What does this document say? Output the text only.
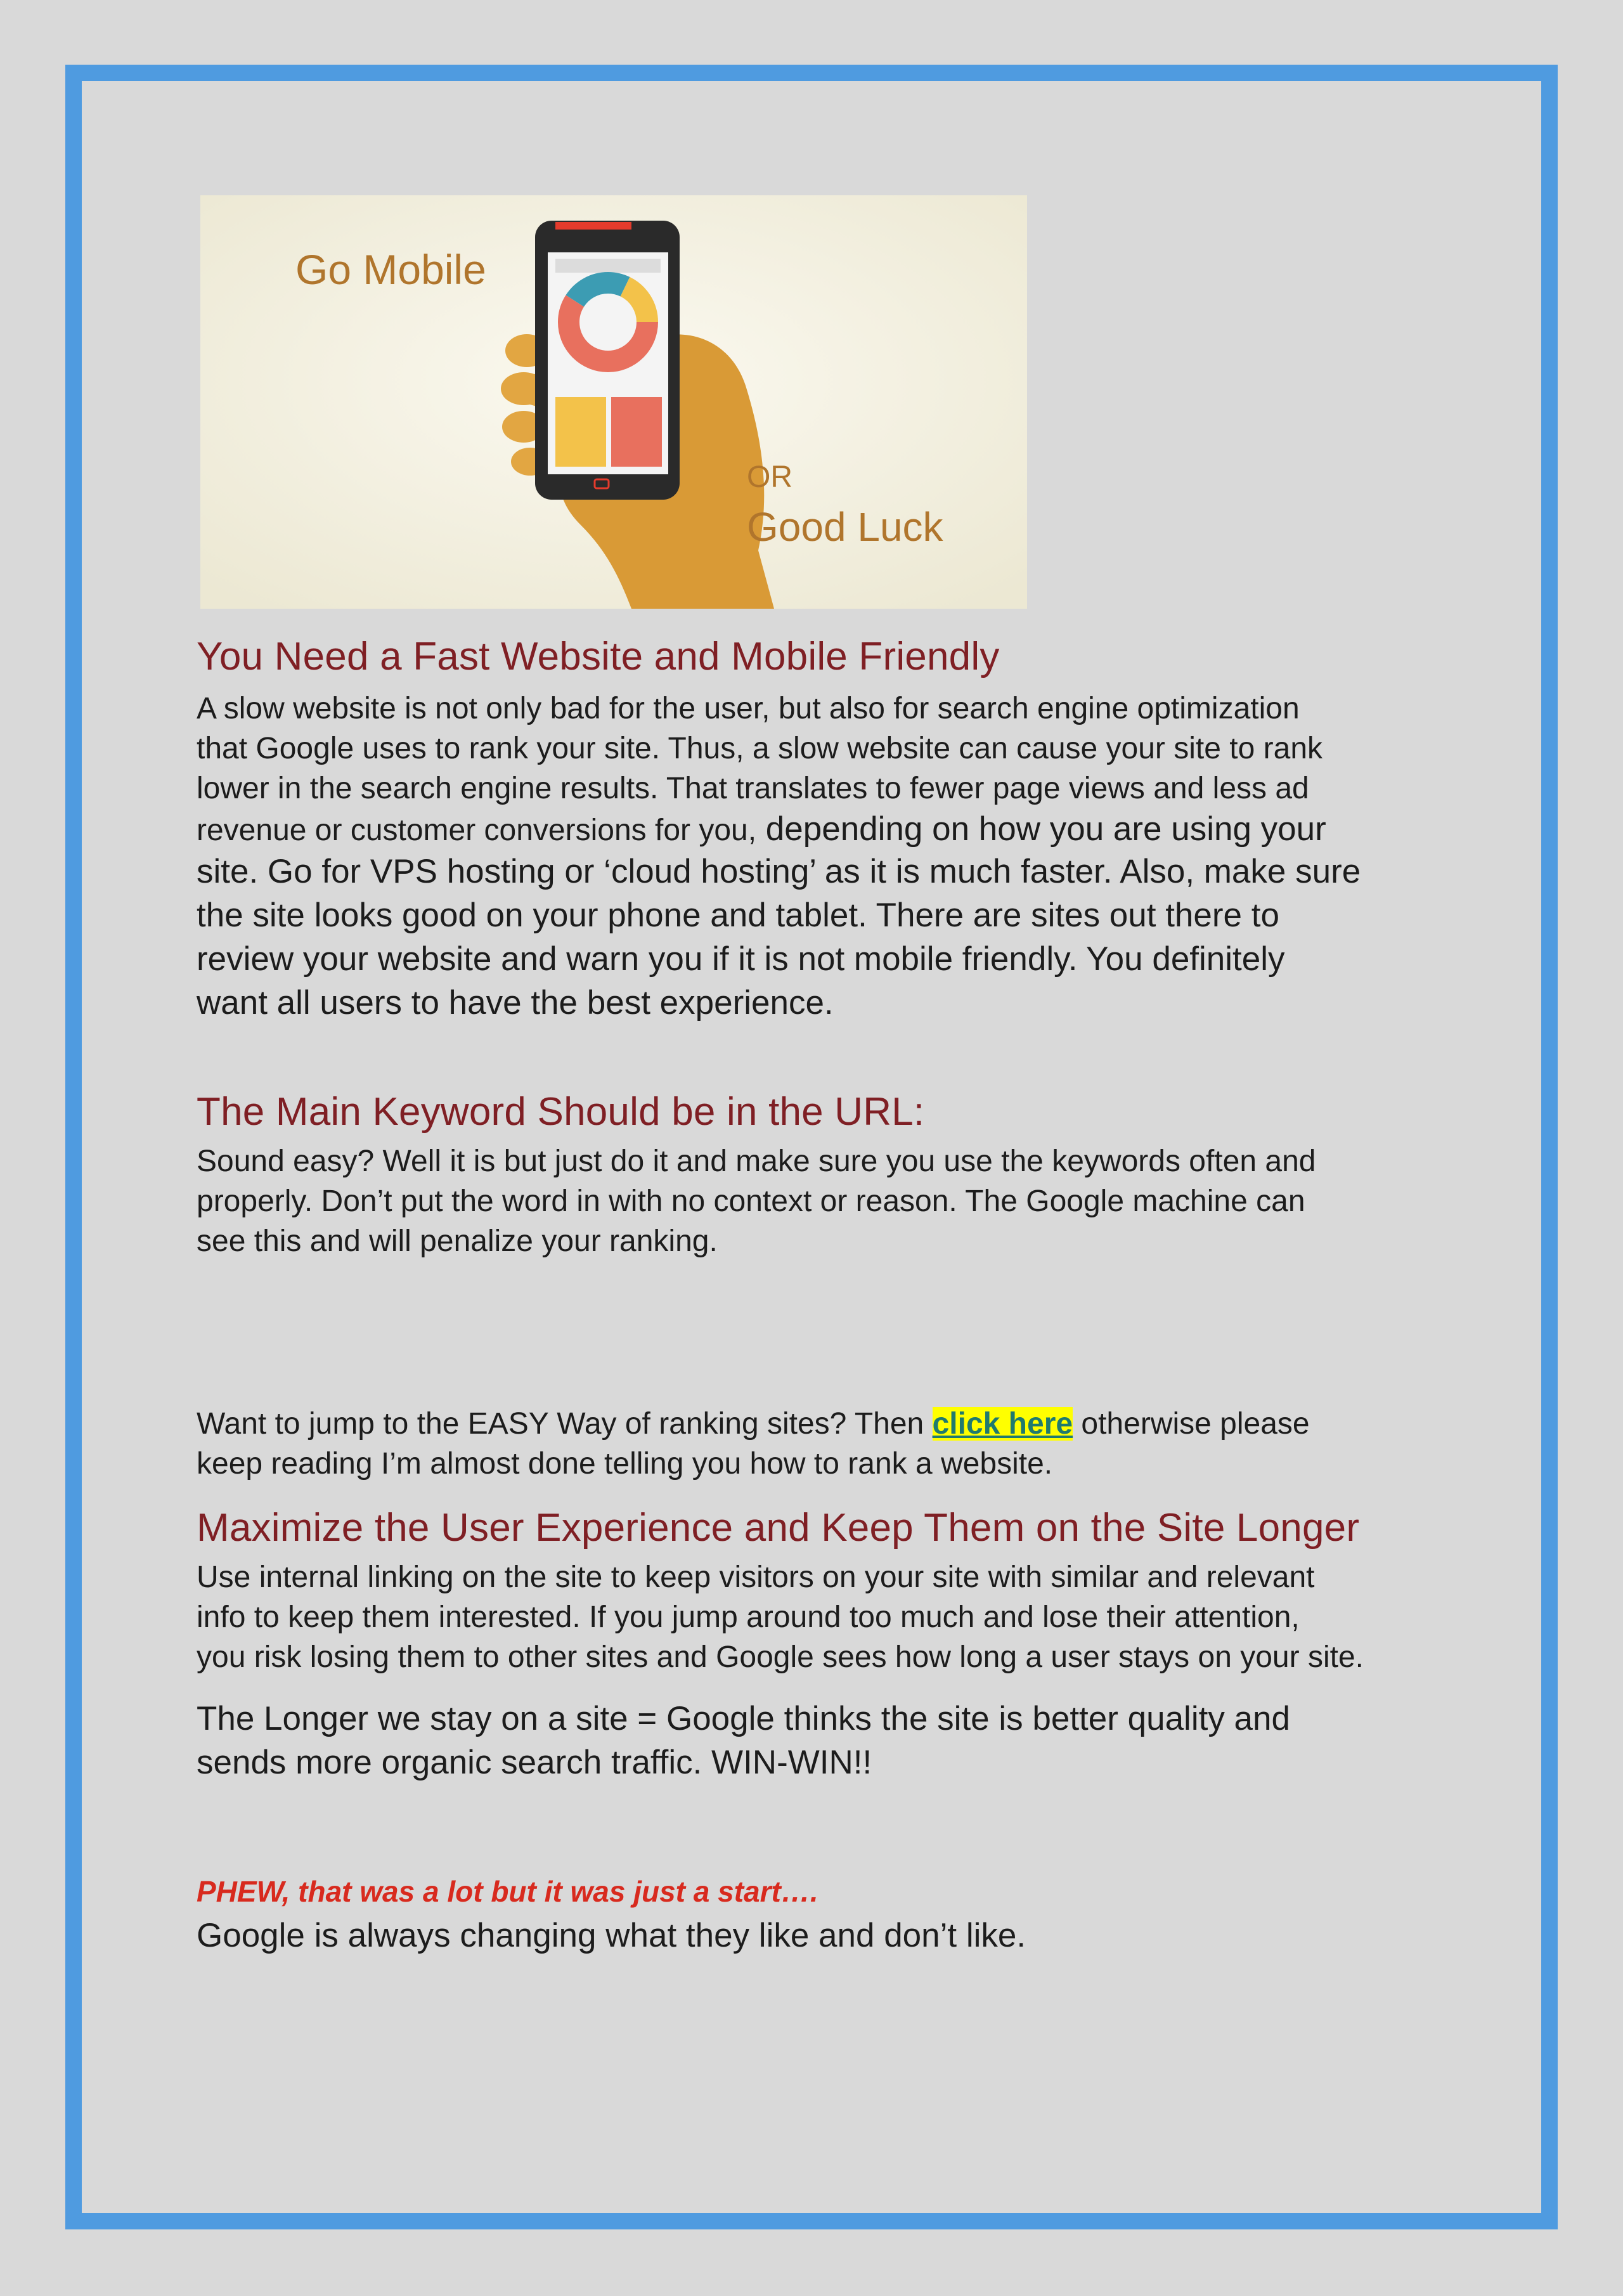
Go Mobile
OR
Good Luck
You Need a Fast Website and Mobile Friendly
A slow website is not only bad for the user, but also for search engine optimization
that Google uses to rank your site. Thus, a slow website can cause your site to rank
lower in the search engine results. That translates to fewer page views and less ad
revenue or customer conversions for you, depending on how you are using your
site. Go for VPS hosting or ‘cloud hosting’ as it is much faster. Also, make sure
the site looks good on your phone and tablet. There are sites out there to
review your website and warn you if it is not mobile friendly. You definitely
want all users to have the best experience.
The Main Keyword Should be in the URL:
Sound easy? Well it is but just do it and make sure you use the keywords often and
properly. Don’t put the word in with no context or reason. The Google machine can
see this and will penalize your ranking.
Want to jump to the EASY Way of ranking sites? Then click here otherwise please
keep reading I’m almost done telling you how to rank a website.
Maximize the User Experience and Keep Them on the Site Longer
Use internal linking on the site to keep visitors on your site with similar and relevant
info to keep them interested. If you jump around too much and lose their attention,
you risk losing them to other sites and Google sees how long a user stays on your site.
The Longer we stay on a site = Google thinks the site is better quality and
sends more organic search traffic. WIN-WIN!!
PHEW, that was a lot but it was just a start….
Google is always changing what they like and don’t like.
